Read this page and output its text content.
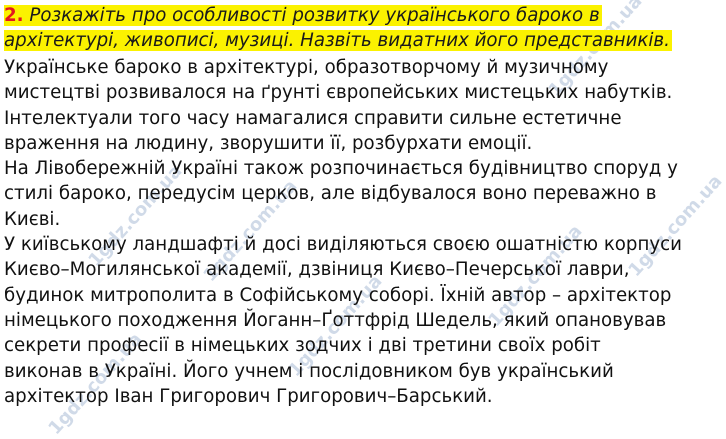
1gdz.com.ua
1gdz.com.ua 1gdz.com.ua
1gdz.com.ua	1gdz.com.ua 1gdz.com.ua
2. Розкажіть про особливості розвитку українського бароко в
архітектурі, живописі, музиці. Назвіть видатних його представників.
Українське бароко в архітектурі, образотворчому й музичному
мистецтві розвивалося на ґрунті європейських мистецьких набутків.
Інтелектуали того часу намагалися справити сильне естетичне
враження на людину, зворушити її, розбурхати емоції.
На Лівобережній Україні також розпочинається будівництво споруд у
стилі бароко, передусім церков, але відбувалося воно переважно в
Києві.
У київському ландшафті й досі виділяються своєю ошатністю корпуси
Києво–Могилянської академії, дзвіниця Києво–Печерської лаври,
будинок митрополита в Софійському соборі. Їхній автор – архітектор
німецького походження Йоганн–Ґоттфрід Шедель, який опановував
секрети професії в німецьких зодчих і дві третини своїх робіт
виконав в Україні. Його учнем і послідовником був український
архітектор Іван Григорович Григорович–Барський.
